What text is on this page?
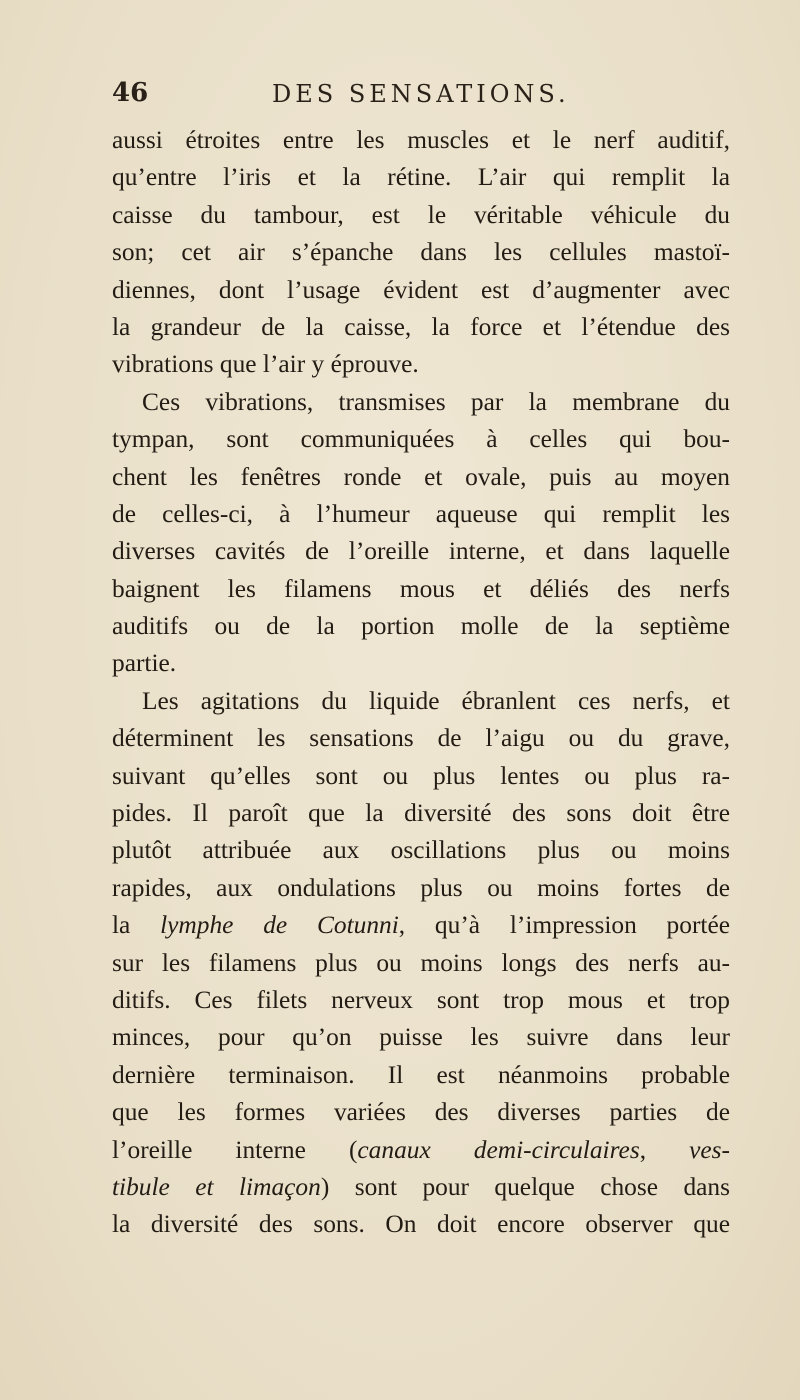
46	DES SENSATIONS.
aussi étroites entre les muscles et le nerf auditif,
qu’entre l’iris et la rétine. L’air qui remplit la
caisse du tambour, est le véritable véhicule du
son; cet air s’épanche dans les cellules mastoï-
diennes, dont l’usage évident est d’augmenter avec
la grandeur de la caisse, la force et l’étendue des
vibrations que l’air y éprouve.
Ces vibrations, transmises par la membrane du
tympan, sont communiquées à celles qui bou-
chent les fenêtres ronde et ovale, puis au moyen
de celles-ci, à l’humeur aqueuse qui remplit les
diverses cavités de l’oreille interne, et dans laquelle
baignent les filamens mous et déliés des nerfs
auditifs ou de la portion molle de la septième
partie.
Les agitations du liquide ébranlent ces nerfs, et
déterminent les sensations de l’aigu ou du grave,
suivant qu’elles sont ou plus lentes ou plus ra-
pides. Il paroît que la diversité des sons doit être
plutôt attribuée aux oscillations plus ou moins
rapides, aux ondulations plus ou moins fortes de
la lymphe de Cotunni, qu’à l’impression portée
sur les filamens plus ou moins longs des nerfs au-
ditifs. Ces filets nerveux sont trop mous et trop
minces, pour qu’on puisse les suivre dans leur
dernière terminaison. Il est néanmoins probable
que les formes variées des diverses parties de
l’oreille interne (canaux demi-circulaires, ves-
tibule et limaçon) sont pour quelque chose dans
la diversité des sons. On doit encore observer que
